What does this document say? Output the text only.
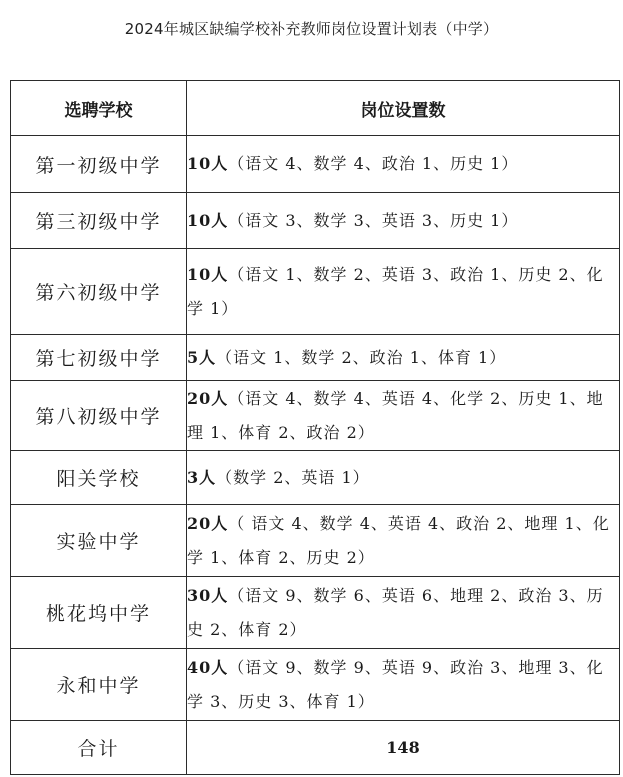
2024年城区缺编学校补充教师岗位设置计划表（中学）
选聘学校	岗位设置数
第一初级中学	10人（语文 4、数学 4、政治 1、历史 1）
第三初级中学	10人（语文 3、数学 3、英语 3、历史 1）
第六初级中学	10人（语文 1、数学 2、英语 3、政治 1、历史 2、化学 1）
第七初级中学	5人（语文 1、数学 2、政治 1、体育 1）
第八初级中学	20人（语文 4、数学 4、英语 4、化学 2、历史 1、地理 1、体育 2、政治 2）
阳关学校	3人（数学 2、英语 1）
实验中学	20人（ 语文 4、数学 4、英语 4、政治 2、地理 1、化学 1、体育 2、历史 2）
桃花坞中学	30人（语文 9、数学 6、英语 6、地理 2、政治 3、历史 2、体育 2）
永和中学	40人（语文 9、数学 9、英语 9、政治 3、地理 3、化学 3、历史 3、体育 1）
合计	148
